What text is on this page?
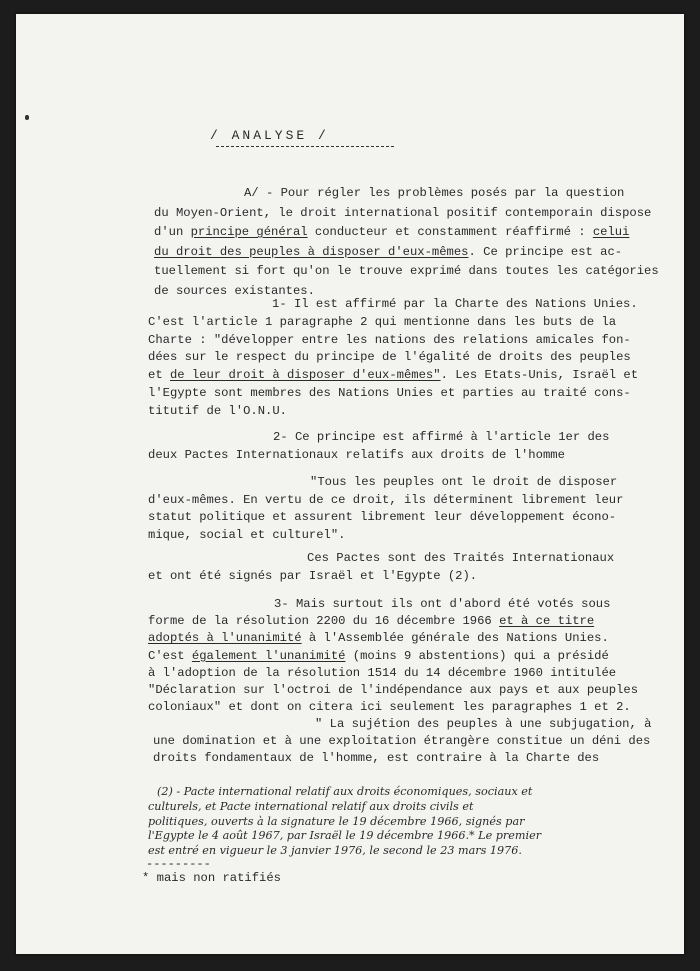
/ ANALYSE /
A/ - Pour régler les problèmes posés par la question
du Moyen-Orient, le droit international positif contemporain dispose
d'un principe général conducteur et constamment réaffirmé : celui
du droit des peuples à disposer d'eux-mêmes. Ce principe est ac-
tuellement si fort qu'on le trouve exprimé dans toutes les catégories
de sources existantes.
1- Il est affirmé par la Charte des Nations Unies.
C'est l'article 1 paragraphe 2 qui mentionne dans les buts de la
Charte : "développer entre les nations des relations amicales fon-
dées sur le respect du principe de l'égalité de droits des peuples
et de leur droit à disposer d'eux-mêmes". Les Etats-Unis, Israël et
l'Egypte sont membres des Nations Unies et parties au traité cons-
titutif de l'O.N.U.
2- Ce principe est affirmé à l'article 1er des
deux Pactes Internationaux relatifs aux droits de l'homme
"Tous les peuples ont le droit de disposer
d'eux-mêmes. En vertu de ce droit, ils déterminent librement leur
statut politique et assurent librement leur développement écono-
mique, social et culturel".
Ces Pactes sont des Traités Internationaux
et ont été signés par Israël et l'Egypte (2).
3- Mais surtout ils ont d'abord été votés sous
forme de la résolution 2200 du 16 décembre 1966 et à ce titre
adoptés à l'unanimité à l'Assemblée générale des Nations Unies.
C'est également l'unanimité (moins 9 abstentions) qui a présidé
à l'adoption de la résolution 1514 du 14 décembre 1960 intitulée
"Déclaration sur l'octroi de l'indépendance aux pays et aux peuples
coloniaux" et dont on citera ici seulement les paragraphes 1 et 2.
" La sujétion des peuples à une subjugation, à
une domination et à une exploitation étrangère constitue un déni des
droits fondamentaux de l'homme, est contraire à la Charte des
(2) - Pacte international relatif aux droits économiques, sociaux et
culturels, et Pacte international relatif aux droits civils et
politiques, ouverts à la signature le 19 décembre 1966, signés par
l'Egypte le 4 août 1967, par Israël le 19 décembre 1966.* Le premier
est entré en vigueur le 3 janvier 1976, le second le 23 mars 1976.
---------
* mais non ratifiés
